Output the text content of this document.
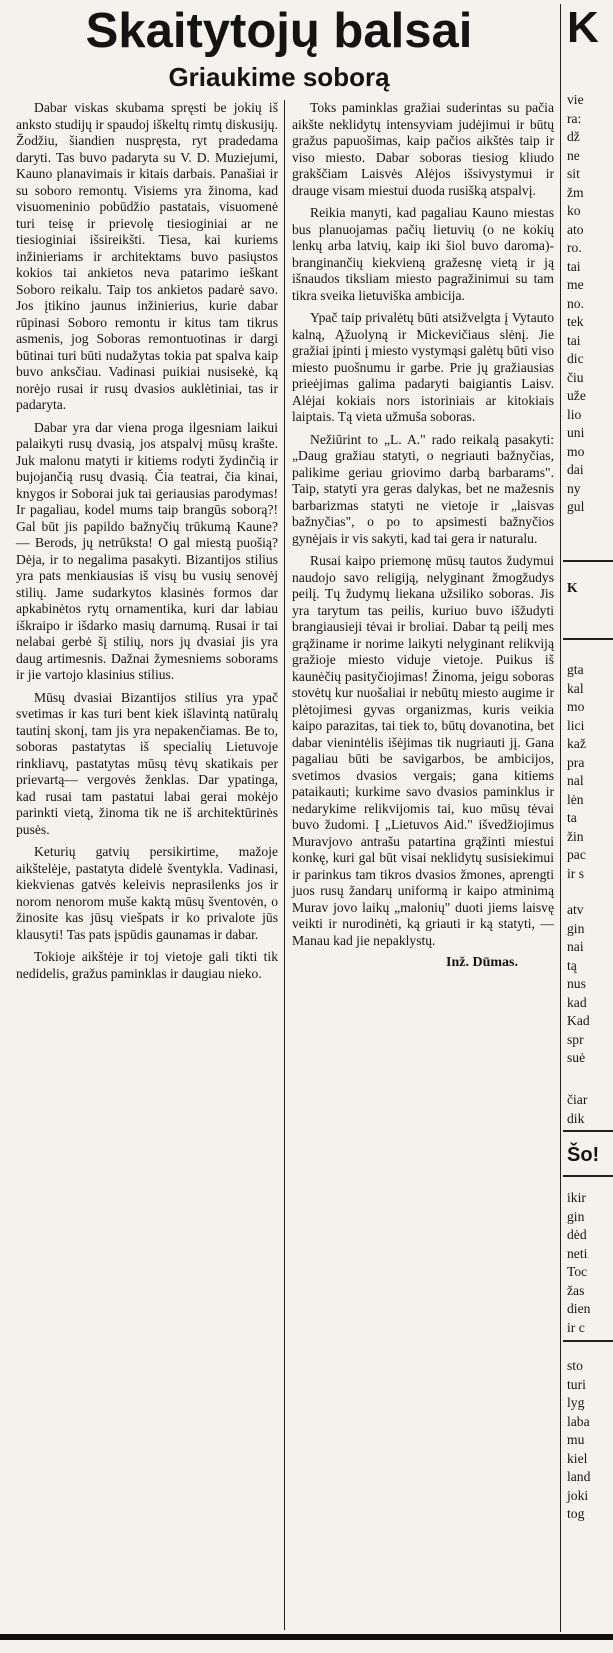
Skaitytojų balsai
Griaukime soborą

Dabar viskas skubama spręsti be jokių iš anksto studijų ir spaudoj iškeltų rimtų diskusijų. Žodžiu, šiandien nuspręsta, ryt pradedama daryti. Tas buvo padaryta su V. D. Muziejumi, Kauno planavimais ir kitais darbais. Panašiai ir su soboro remontų. Visiems yra žinoma, kad visuomeninio pobūdžio pastatais, visuomenė turi teisę ir prievolę tiesioginiai ar ne tiesioginiai išsireikšti. Tiesa, kai kuriems inžinieriams ir architektams buvo pasiųstos kokios tai ankietos neva patarimo ieškant Soboro reikalu. Taip tos ankietos padarė savo. Jos įtikino jaunus inžinierius, kurie dabar rūpinasi Soboro remontu ir kitus tam tikrus asmenis, jog Soboras remontuotinas ir dargi būtinai turi būti nudažytas tokia pat spalva kaip buvo anksčiau. Vadinasi puikiai nusisekė, ką norėjo rusai ir rusų dvasios auklėtiniai, tas ir padaryta.

Dabar yra dar viena proga ilgesniam laikui palaikyti rusų dvasią, jos atspalvį mūsų krašte. Juk malonu matyti ir kitiems rodyti žydinčią ir bujojančią rusų dvasią. Čia teatrai, čia kinai, knygos ir Soborai juk tai geriausias parodymas! Ir pagaliau, kodel mums taip brangūs soborą?! Gal būt jis papildo bažnyčių trūkumą Kaune? — Berods, jų netrūksta! O gal miestą puošią? Dėja, ir to negalima pasakyti. Bizantijos stilius yra pats menkiausias iš visų bu vusių senovėj stilių. Jame sudarkytos klasinės formos dar apkabinėtos rytų ornamentika, kuri dar labiau iškraipo ir išdarko masių darnumą. Rusai ir tai nelabai gerbė šį stilių, nors jų dvasiai jis yra daug artimesnis. Dažnai žymesniems soborams ir jie vartojo klasinius stilius.

Mūsų dvasiai Bizantijos stilius yra ypač svetimas ir kas turi bent kiek išlavintą natūralų tautinį skonį, tam jis yra nepakenčiamas. Be to, soboras pastatytas iš specialių Lietuvoje rinkliavų, pastatytas mūsų tėvų skatikais per prievartą— vergovės ženklas. Dar ypatinga, kad rusai tam pastatui labai gerai mokėjo parinkti vietą, žinoma tik ne iš architektūrinės pusės.

Keturių gatvių persikirtime, mažoje aikštelėje, pastatyta didelė šventykla. Vadinasi, kiekvienas gatvės keleivis neprasilenks jos ir norom nenorom muše kaktą mūsų šventovėn, o žinosite kas jūsų viešpats ir ko privalote jūs klausyti! Tas pats įspūdis gaunamas ir dabar.

Tokioje aikštėje ir toj vietoje gali tikti tik nedidelis, gražus paminklas ir daugiau nieko.

Toks paminklas gražiai suderintas su pačia aikšte neklidytų intensyviam judėjimui ir būtų gražus papuošimas, kaip pačios aikštės taip ir viso miesto. Dabar soboras tiesiog kliudo grakščiam Laisvės Alėjos išsivystymui ir drauge visam miestui duoda rusišką atspalvį.

Reikia manyti, kad pagaliau Kauno miestas bus planuojamas pačių lietuvių (o ne kokių lenkų arba latvių, kaip iki šiol buvo daroma)- branginančių kiekvieną gražesnę vietą ir ją išnaudos tiksliam miesto pagražinimui su tam tikra sveika lietuviška ambicija.

Ypač taip privalėtų būti atsižvelgta į Vytauto kalną, Ąžuolyną ir Mickevičiaus slėnį. Jie gražiai įpinti į miesto vystymąsi galėtų būti viso miesto puošnumu ir garbe. Prie jų gražiausias prieėjimas galima padaryti baigiantis Laisv. Alėjai kokiais nors istoriniais ar kitokiais laiptais. Tą vieta užmuša soboras.

Nežiūrint to „L. A." rado reikalą pasakyti: „Daug gražiau statyti, o negriauti bažnyčias, palikime geriau griovimo darbą barbarams". Taip, statyti yra geras dalykas, bet ne mažesnis barbarizmas statyti ne vietoje ir „laisvas bažnyčias", o po to apsimesti bažnyčios gynėjais ir vis sakyti, kad tai gera ir naturalu.

Rusai kaipo priemonę mūsų tautos žudymui naudojo savo religiją, nelyginant žmogžudys peilį. Tų žudymų liekana užsiliko soboras. Jis yra tarytum tas peilis, kuriuo buvo išžudyti brangiausieji tėvai ir broliai. Dabar tą peilį mes grąžiname ir norime laikyti nelyginant relikviją gražioje miesto viduje vietoje. Puikus iš kaunėčių pasityčiojimas! Žinoma, jeigu soboras stovėtų kur nuošaliai ir nebūtų miesto augime ir plėtojimesi gyvas organizmas, kuris veikia kaipo parazitas, tai tiek to, būtų dovanotina, bet dabar vienintėlis išėjimas tik nugriauti jį. Gana pagaliau būti be savigarbos, be ambicijos, svetimos dvasios vergais; gana kitiems pataikauti; kurkime savo dvasios paminklus ir nedarykime relikvijomis tai, kuo mūsų tėvai buvo žudomi. Į „Lietuvos Aid." išvedžiojimus Muravjovo antrašu patartina grąžinti miestui konkę, kuri gal būt visai neklidytų susisiekimui ir parinkus tam tikros dvasios žmones, aprengti juos rusų žandarų uniformą ir kaipo atminimą Murav jovo laikų „malonių" duoti jiems laisvę veikti ir nurodinėti, ką griauti ir ką statyti, — Manau kad jie nepaklystų.

Inž. Dūmas.

K
vie
ra:
dž
ne
sit
žm
ko
ato
ro.
tai
me
no.
tek
tai
dic
čiu
uže
lio
uni
mo
dai
ny
gul
K
gta
kal
mo
lici
kaž
pra
nal
lėn
ta
žin
pac
ir s
atv
gin
nai
tą
nus
kad
Kad
spr
suė
čiar
dik
Šo!
ikir
gin
dėd
neti
Toc
žas
dien
ir c
sto
turi
lyg
laba
mu
kiel
land
joki
tog
